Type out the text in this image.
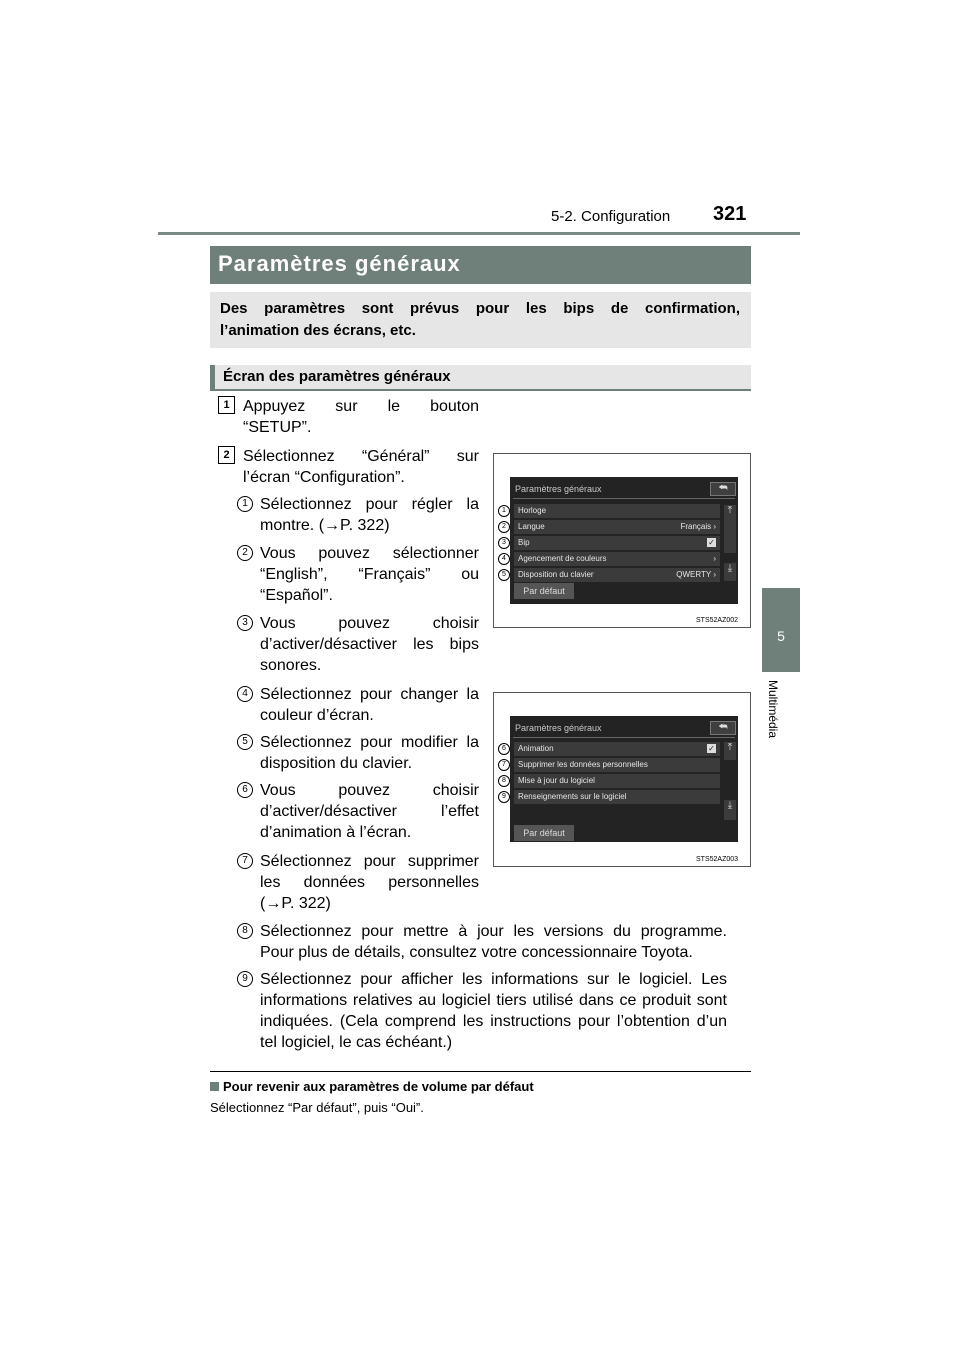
5-2. Configuration 321
5
Multimédia
Paramètres généraux
Des paramètres sont prévus pour les bips de confirmation,
l’animation des écrans, etc.
Écran des paramètres généraux
1 Appuyez sur le bouton
“SETUP”.
2 Sélectionnez “Général” sur
l’écran “Configuration”.
1 Sélectionnez pour régler la
montre. (→P. 322)
2 Vous pouvez sélectionner
“English”, “Français” ou
“Español”.
3 Vous pouvez choisir
d’activer/désactiver les bips
sonores.
4 Sélectionnez pour changer la
couleur d’écran.
5 Sélectionnez pour modifier la
disposition du clavier.
6 Vous pouvez choisir
d’activer/désactiver l’effet
d’animation à l’écran.
7 Sélectionnez pour supprimer
les données personnelles
(→P. 322)
8 Sélectionnez pour mettre à jour les versions du programme.
Pour plus de détails, consultez votre concessionnaire Toyota.
9 Sélectionnez pour afficher les informations sur le logiciel. Les
informations relatives au logiciel tiers utilisé dans ce produit sont
indiquées. (Cela comprend les instructions pour l’obtention d’un
tel logiciel, le cas échéant.)
Paramètres généraux	⮪
⤒
⤓
Par défaut
Horloge
1
Langue	Français ›
2
Bip	✓
3
Agencement de couleurs	›
4
Disposition du clavier	QWERTY ›
5
STS52AZ002
Paramètres généraux	⮪
⤒
⤓
Par défaut
Animation	✓
6
Supprimer les données personnelles
7
Mise à jour du logiciel
8
Renseignements sur le logiciel
9
STS52AZ003
Pour revenir aux paramètres de volume par défaut
Sélectionnez “Par défaut”, puis “Oui”.
